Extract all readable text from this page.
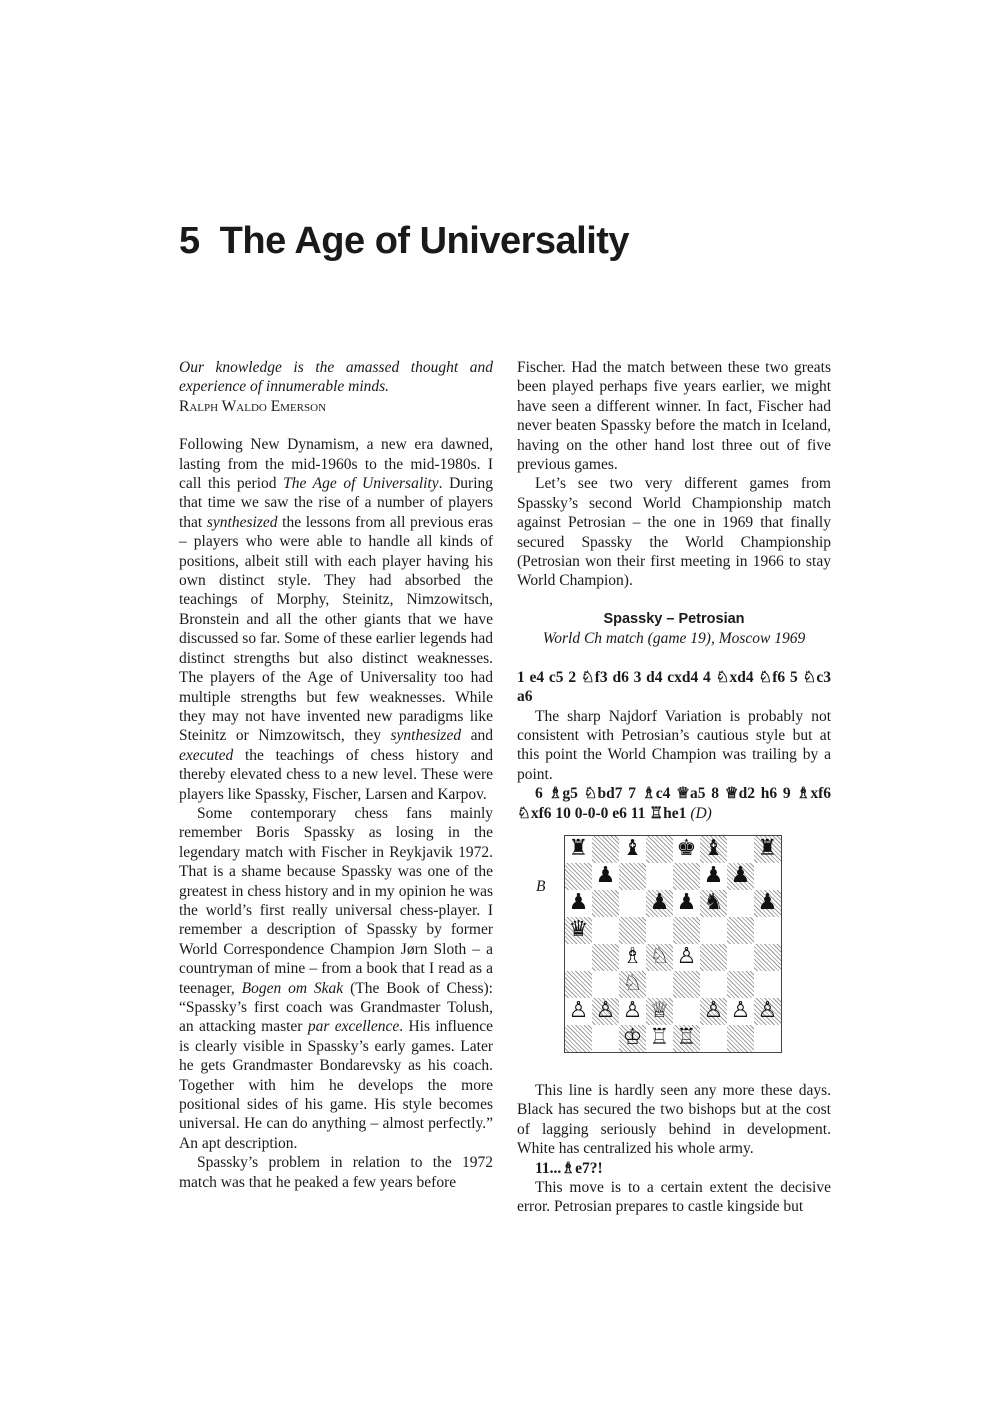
5 The Age of Universality

Our knowledge is the amassed thought and experience of innumerable minds.

Ralph Waldo Emerson

Following New Dynamism, a new era dawned, lasting from the mid-1960s to the mid-1980s. I call this period The Age of Universality. During that time we saw the rise of a number of players that synthesized the lessons from all previous eras – players who were able to handle all kinds of positions, albeit still with each player having his own distinct style. They had absorbed the teachings of Morphy, Steinitz, Nimzowitsch, Bronstein and all the other giants that we have discussed so far. Some of these earlier legends had distinct strengths but also distinct weaknesses. The players of the Age of Universality too had multiple strengths but few weaknesses. While they may not have invented new paradigms like Steinitz or Nimzowitsch, they synthesized and executed the teachings of chess history and thereby elevated chess to a new level. These were players like Spassky, Fischer, Larsen and Karpov.

Some contemporary chess fans mainly remember Boris Spassky as losing in the legendary match with Fischer in Reykjavik 1972. That is a shame because Spassky was one of the greatest in chess history and in my opinion he was the world’s first really universal chess-player. I remember a description of Spassky by former World Correspondence Champion Jørn Sloth – a countryman of mine – from a book that I read as a teenager, Bogen om Skak (The Book of Chess): “Spassky’s first coach was Grandmaster Tolush, an attacking master par excellence. His influence is clearly visible in Spassky’s early games. Later he gets Grandmaster Bondarevsky as his coach. Together with him he develops the more positional sides of his game. His style becomes universal. He can do anything – almost perfectly.” An apt description.

Spassky’s problem in relation to the 1972 match was that he peaked a few years before

Fischer. Had the match between these two greats been played perhaps five years earlier, we might have seen a different winner. In fact, Fischer had never beaten Spassky before the match in Iceland, having on the other hand lost three out of five previous games.

Let’s see two very different games from Spassky’s second World Championship match against Petrosian – the one in 1969 that finally secured Spassky the World Championship (Petrosian won their first meeting in 1966 to stay World Champion).

Spassky – Petrosian

World Ch match (game 19), Moscow 1969

1 e4 c5 2 ♘f3 d6 3 d4 cxd4 4 ♘xd4 ♘f6 5 ♘c3 a6

The sharp Najdorf Variation is probably not consistent with Petrosian’s cautious style but at this point the World Champion was trailing by a point.

6 ♗g5 ♘bd7 7 ♗c4 ♕a5 8 ♕d2 h6 9 ♗xf6 ♘xf6 10 0-0-0 e6 11 ♖he1 (D)

B
♜ ♝ ♚ ♝ ♜
♟	♟ ♟
♟	♟ ♟ ♞ ♟
♛
♗ ♘ ♙
♘
♙ ♙ ♙ ♕ ♙ ♙ ♙
♔ ♖ ♖

This line is hardly seen any more these days. Black has secured the two bishops but at the cost of lagging seriously behind in development. White has centralized his whole army.

11...♗e7?!

This move is to a certain extent the decisive error. Petrosian prepares to castle kingside but
